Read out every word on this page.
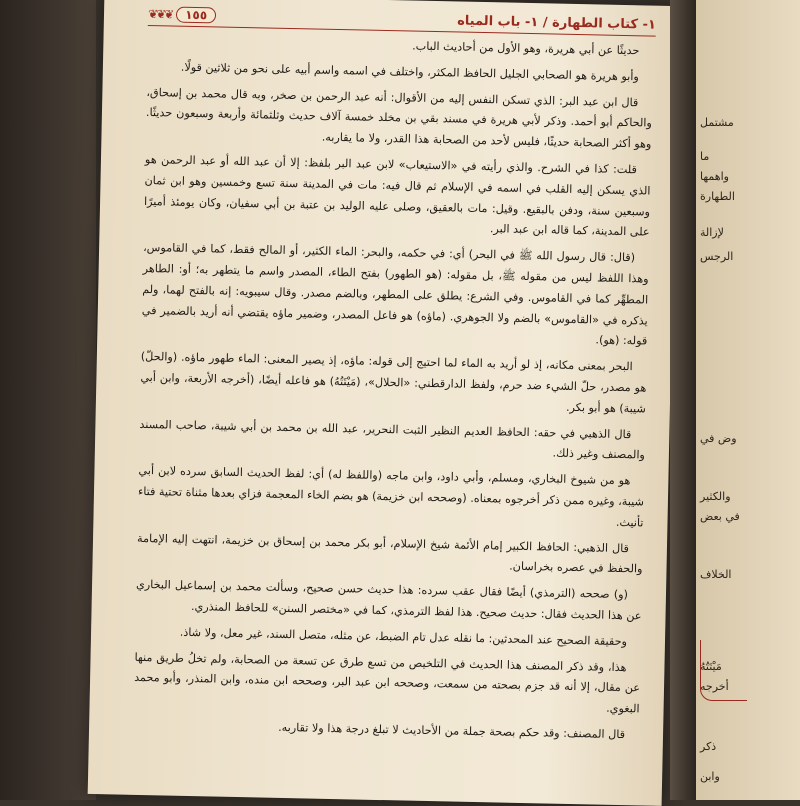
١- كتاب الطهارة / ١- باب المياه
❦❦❦	١٥٥

حديثًا عن أبي هريرة، وهو الأول من أحاديث الباب.

وأبو هريرة هو الصحابي الجليل الحافظ المكثر، واختلف في اسمه واسم أبيه على نحو من ثلاثين قولًا.

قال ابن عبد البر: الذي تسكن النفس إليه من الأقوال: أنه عبد الرحمن بن صخر، وبه قال محمد بن إسحاق، والحاكم أبو أحمد. وذكر لأبي هريرة في مسند بقي بن مخلد خمسة آلاف حديث وثلثمائة وأربعة وسبعون حديثًا. وهو أكثر الصحابة حديثًا، فليس لأحد من الصحابة هذا القدر، ولا ما يقاربه.

قلت: كذا في الشرح. والذي رأيته في «الاستيعاب» لابن عبد البر بلفظ: إلا أن عبد الله أو عبد الرحمن هو الذي يسكن إليه القلب في اسمه في الإسلام ثم قال فيه: مات في المدينة سنة تسع وخمسين وهو ابن ثمان وسبعين سنة، ودفن بالبقيع. وقيل: مات بالعقيق، وصلى عليه الوليد بن عتبة بن أبي سفيان، وكان يومئذ أميرًا على المدينة، كما قاله ابن عبد البر.

(قال: قال رسول الله ﷺ في البحر) أي: في حكمه، والبحر: الماء الكثير، أو المالح فقط، كما في القاموس، وهذا اللفظ ليس من مقوله ﷺ، بل مقوله: (هو الطهور) بفتح الطاء، المصدر واسم ما يتطهر به؛ أو: الطاهر المطهِّر كما في القاموس. وفي الشرع: يطلق على المطهر، وبالضم مصدر. وقال سيبويه: إنه بالفتح لهما، ولم يذكره في «القاموس» بالضم ولا الجوهري. (ماؤه) هو فاعل المصدر، وضمير ماؤه يقتضي أنه أريد بالضمير في قوله: (هو).

البحر بمعنى مكانه، إذ لو أريد به الماء لما احتيج إلى قوله: ماؤه، إذ يصير المعنى: الماء طهور ماؤه. (والحلّ) هو مصدر، حلّ الشيء ضد حرم، ولفظ الدارقطني: «الحلال»، (مَيْتَتُهُ) هو فاعله أيضًا، (أخرجه الأربعة، وابن أبي شيبة) هو أبو بكر.

قال الذهبي في حقه: الحافظ العديم النظير الثبت النحرير، عبد الله بن محمد بن أبي شيبة، صاحب المسند والمصنف وغير ذلك.

هو من شيوخ البخاري، ومسلم، وأبي داود، وابن ماجه (واللفظ له) أي: لفظ الحديث السابق سرده لابن أبي شيبة، وغيره ممن ذكر أخرجوه بمعناه. (وصححه ابن خزيمة) هو بضم الخاء المعجمة فزاي بعدها مثناة تحتية فتاء تأنيث.

قال الذهبي: الحافظ الكبير إمام الأئمة شيخ الإسلام، أبو بكر محمد بن إسحاق بن خزيمة، انتهت إليه الإمامة والحفظ في عصره بخراسان.

(و) صححه (الترمذي) أيضًا فقال عقب سرده: هذا حديث حسن صحيح، وسألت محمد بن إسماعيل البخاري عن هذا الحديث فقال: حديث صحيح. هذا لفظ الترمذي، كما في «مختصر السنن» للحافظ المنذري.

وحقيقة الصحيح عند المحدثين: ما نقله عدل تام الضبط، عن مثله، متصل السند، غير معل، ولا شاذ.

هذا، وقد ذكر المصنف هذا الحديث في التلخيص من تسع طرق عن تسعة من الصحابة، ولم تخلُ طريق منها عن مقال، إلا أنه قد جزم بصحته من سمعت، وصححه ابن عبد البر، وصححه ابن منده، وابن المنذر، وأبو محمد البغوي.

قال المصنف: وقد حكم بصحة جملة من الأحاديث لا تبلغ درجة هذا ولا تقاربه.

مشتمل
ما
واهمها
الطهارة
لإزالة
الرجس
وض في
والكثير
في بعض
الخلاف
مَيْتَتُهُ
أخرجه
ذكر
وابن
